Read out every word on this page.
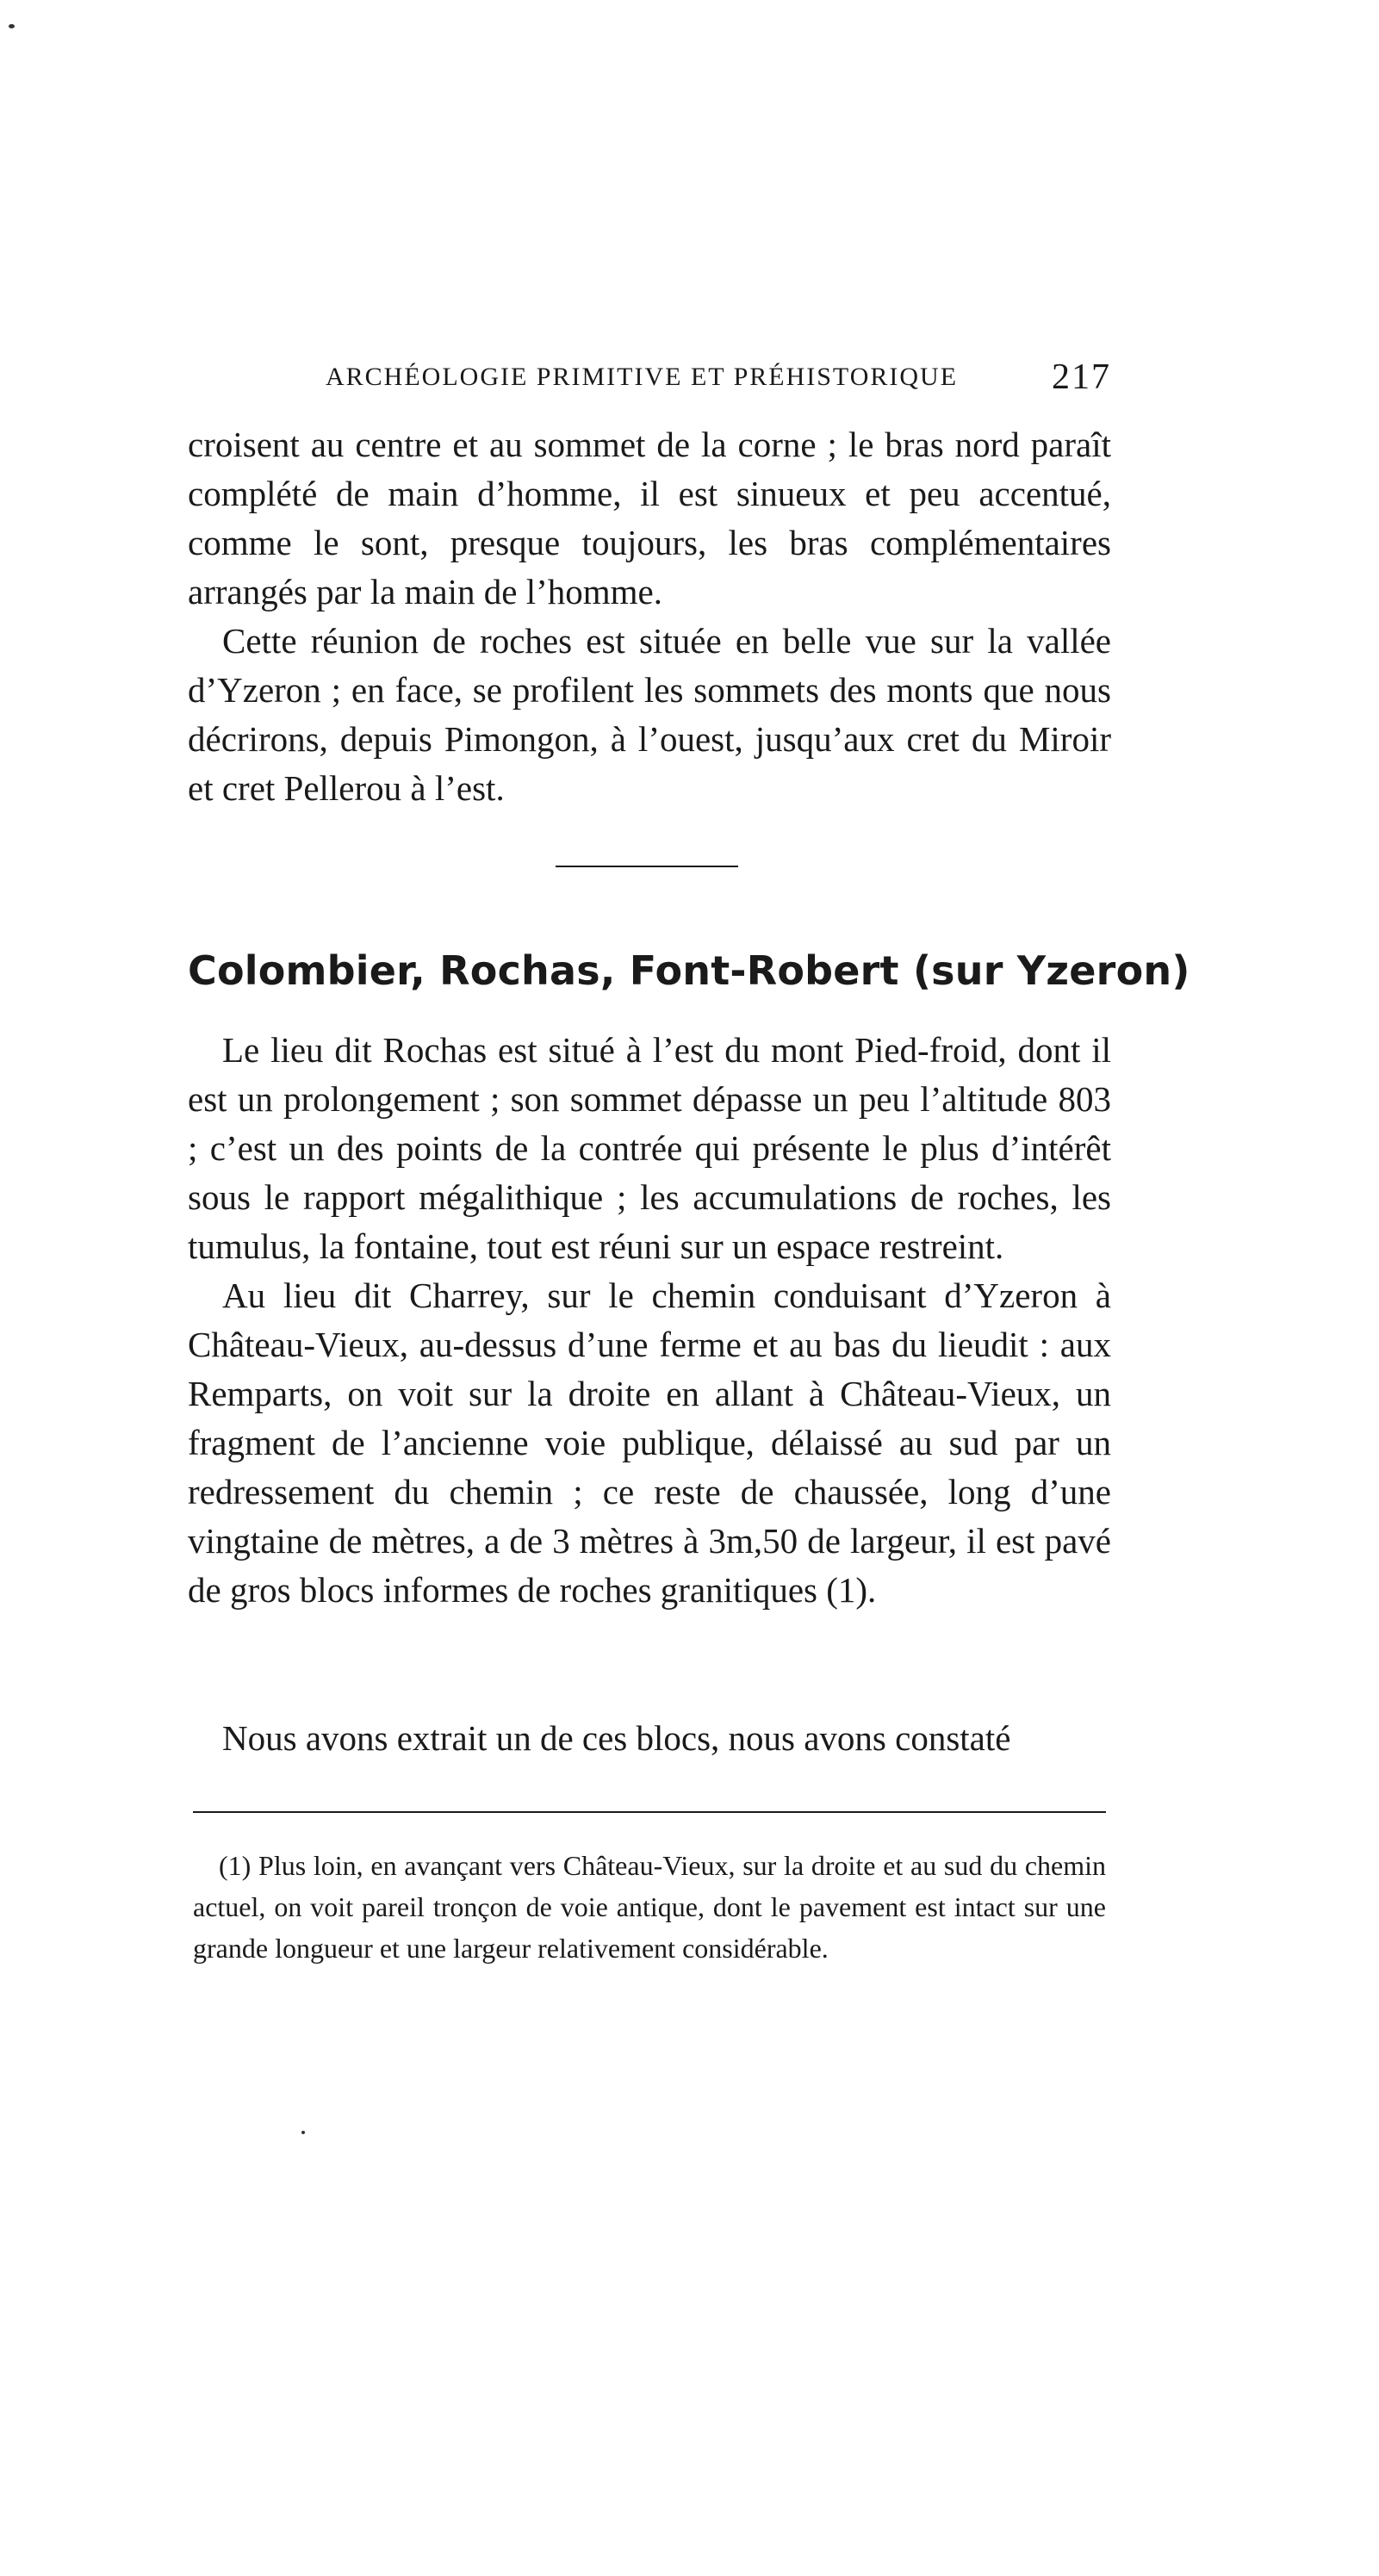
ARCHÉOLOGIE PRIMITIVE ET PRÉHISTORIQUE	217

croisent au centre et au sommet de la corne ; le bras nord paraît complété de main d’homme, il est sinueux et peu accentué, comme le sont, presque toujours, les bras complémentaires arrangés par la main de l’homme.

Cette réunion de roches est située en belle vue sur la vallée d’Yzeron ; en face, se profilent les sommets des monts que nous décrirons, depuis Pimongon, à l’ouest, jusqu’aux cret du Miroir et cret Pellerou à l’est.

Colombier, Rochas, Font-Robert (sur Yzeron)

Le lieu dit Rochas est situé à l’est du mont Pied-froid, dont il est un prolongement ; son sommet dépasse un peu l’altitude 803 ; c’est un des points de la contrée qui présente le plus d’intérêt sous le rapport mégalithique ; les accumulations de roches, les tumulus, la fontaine, tout est réuni sur un espace restreint.

Au lieu dit Charrey, sur le chemin conduisant d’Yzeron à Château-Vieux, au-dessus d’une ferme et au bas du lieudit : aux Remparts, on voit sur la droite en allant à Château-Vieux, un fragment de l’ancienne voie publique, délaissé au sud par un redressement du chemin ; ce reste de chaussée, long d’une vingtaine de mètres, a de 3 mètres à 3m,50 de largeur, il est pavé de gros blocs informes de roches granitiques (1).

Nous avons extrait un de ces blocs, nous avons constaté

(1) Plus loin, en avançant vers Château-Vieux, sur la droite et au sud du chemin actuel, on voit pareil tronçon de voie antique, dont le pavement est intact sur une grande longueur et une largeur relativement considérable.
